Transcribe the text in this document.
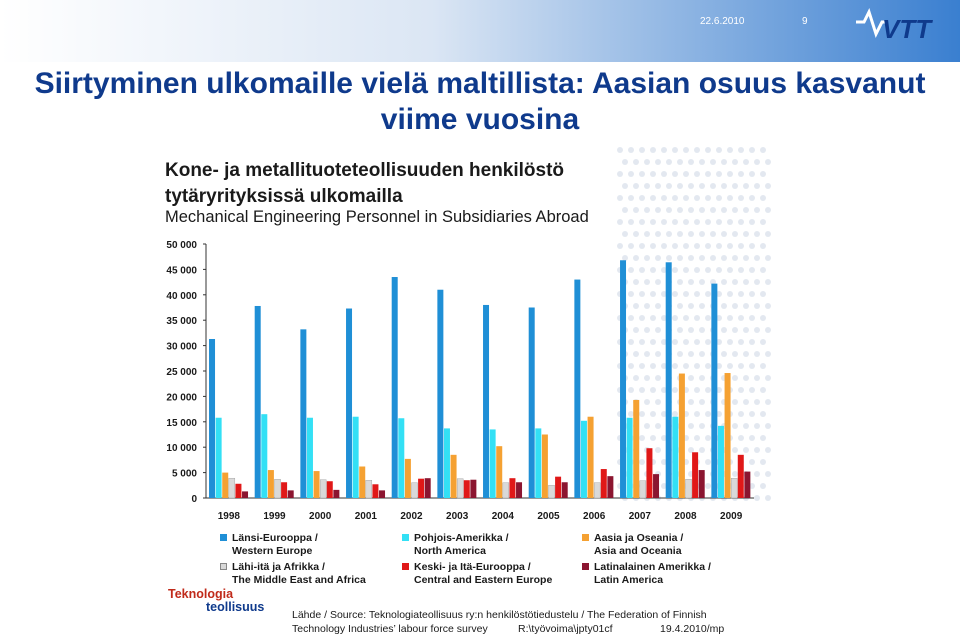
22.6.2010	9	VTT
Siirtyminen ulkomaille vielä maltillista: Aasian osuus kasvanut
viime vuosina
Kone- ja metallituoteteollisuuden henkilöstö tytäryrityksissä ulkomailla
Mechanical Engineering Personnel in Subsidiaries Abroad
0
5 000
10 000
15 000
20 000
25 000
30 000
35 000
40 000
45 000
50 000
1998 1999 2000 2001 2002 2003 2004 2005 2006 2007 2008 2009
Länsi-Eurooppa /
Western Europe
Pohjois-Amerikka /
North America
Aasia ja Oseania /
Asia and Oceania
Lähi-itä ja Afrikka /
The Middle East and Africa
Keski- ja Itä-Eurooppa /
Central and Eastern Europe
Latinalainen Amerikka /
Latin America
Teknologia
teollisuus
Lähde / Source: Teknologiateollisuus ry:n henkilöstötiedustelu / The Federation of Finnish
Technology Industries’ labour force survey	R:\työvoima\jpty01cf	19.4.2010/mp
